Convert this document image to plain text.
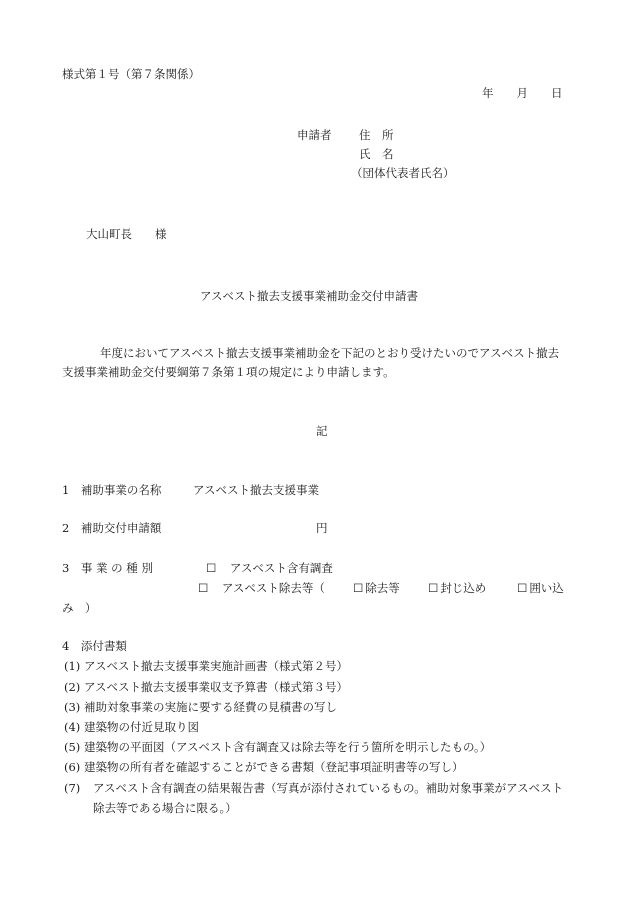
様式第１号（第７条関係）
年　　月　　日
申請者 住　所
氏　名
（団体代表者氏名）
大山町長　　様
アスベスト撤去支援事業補助金交付申請書
年度においてアスベスト撤去支援事業補助金を下記のとおり受けたいのでアスベスト撤去支援事業補助金交付要綱第７条第１項の規定により申請します。
記
1　補助事業の名称	アスベスト撤去支援事業
2　補助交付申請額	円
3　事 業 の 種 別	☐　 アスベスト含有調査
☐　 アスベスト除去等（ ☐ 除去等 ☐ 封じ込め	☐ 囲い込
み　）
4　添付書類
(1) アスベスト撤去支援事業実施計画書（様式第２号）
(2) アスベスト撤去支援事業収支予算書（様式第３号）
(3) 補助対象事業の実施に要する経費の見積書の写し
(4) 建築物の付近見取り図
(5) 建築物の平面図（アスベスト含有調査又は除去等を行う箇所を明示したもの。）
(6) 建築物の所有者を確認することができる書類（登記事項証明書等の写し）
(7)	アスベスト含有調査の結果報告書（写真が添付されているもの。補助対象事業がアスベスト除去等である場合に限る。）
